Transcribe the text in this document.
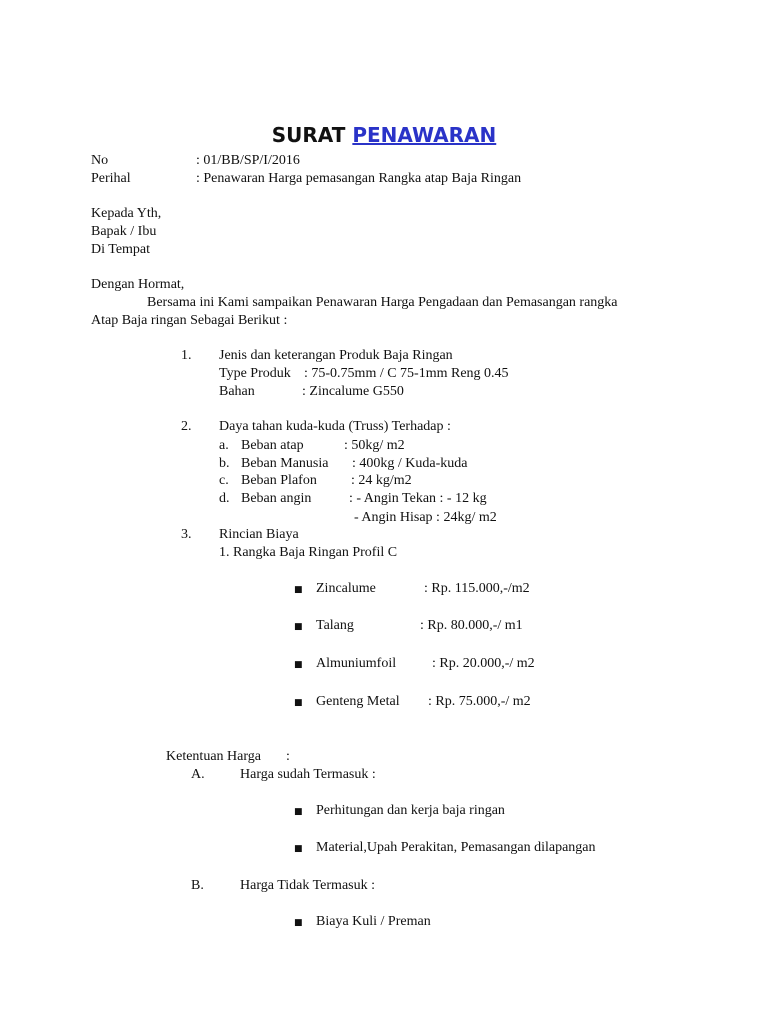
SURAT PENAWARAN
No	: 01/BB/SP/I/2016
Perihal	: Penawaran Harga pemasangan Rangka atap Baja Ringan
Kepada Yth,
Bapak / Ibu
Di Tempat
Dengan Hormat,
Bersama ini Kami sampaikan Penawaran Harga Pengadaan dan Pemasangan rangka
Atap Baja ringan Sebagai Berikut :
1. Jenis dan keterangan Produk Baja Ringan
Type Produk : 75-0.75mm / C 75-1mm Reng 0.45
Bahan	: Zincalume G550
2. Daya tahan kuda-kuda (Truss) Terhadap :
a. Beban atap	: 50kg/ m2
b. Beban Manusia : 400kg / Kuda-kuda
c. Beban Plafon : 24 kg/m2
d. Beban angin	: - Angin Tekan : - 12 kg
- Angin Hisap : 24kg/ m2
3. Rincian Biaya
1. Rangka Baja Ringan Profil C
■ Zincalume	: Rp. 115.000,-/m2
■ Talang	: Rp. 80.000,-/ m1
■ Almuniumfoil	: Rp. 20.000,-/ m2
■ Genteng Metal : Rp. 75.000,-/ m2
Ketentuan Harga :
A.	Harga sudah Termasuk :
■ Perhitungan dan kerja baja ringan
■ Material,Upah Perakitan, Pemasangan dilapangan
B.	Harga Tidak Termasuk :
■ Biaya Kuli / Preman
